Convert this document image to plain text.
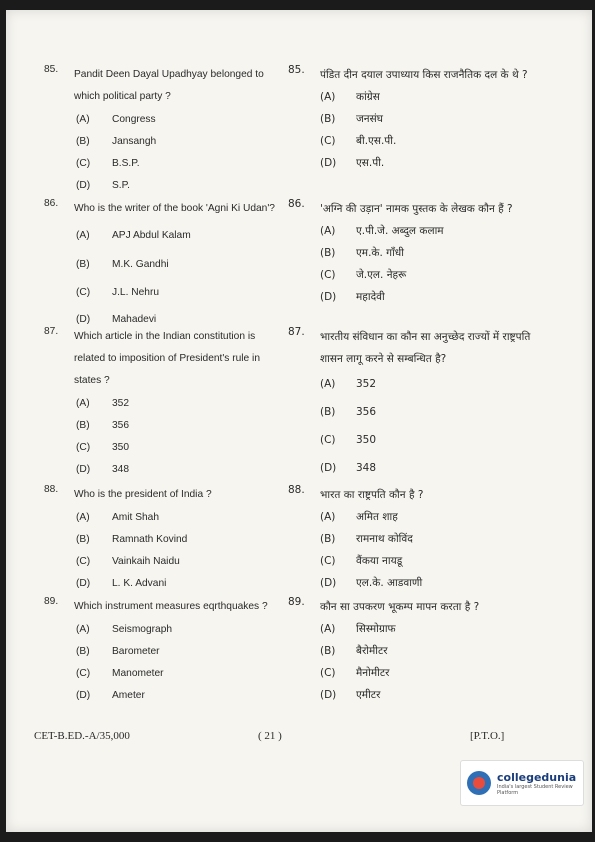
85.	Pandit Deen Dayal Upadhyay belonged to which political party ?
(A)	Congress
(B)	Jansangh
(C)	B.S.P.
(D)	S.P.
86.	Who is the writer of the book 'Agni Ki Udan'?
(A)	APJ Abdul Kalam
(B)	M.K. Gandhi
(C)	J.L. Nehru
(D)	Mahadevi
87.	Which article in the Indian constitution is related to imposition of President's rule in states ?
(A)	352
(B)	356
(C)	350
(D)	348
88.	Who is the president of India ?
(A)	Amit Shah
(B)	Ramnath Kovind
(C)	Vainkaih Naidu
(D)	L. K. Advani
89.	Which instrument measures eqrthquakes ?
(A)	Seismograph
(B)	Barometer
(C)	Manometer
(D)	Ameter
85.	पंडित दीन दयाल उपाध्याय किस राजनैतिक दल के थे ?
(A)	कांग्रेस
(B)	जनसंघ
(C)	बी.एस.पी.
(D)	एस.पी.
86.	'अग्नि की उड़ान' नामक पुस्तक के लेखक कौन हैं ?
(A)	ए.पी.जे. अब्दुल कलाम
(B)	एम.के. गाँधी
(C)	जे.एल. नेहरू
(D)	महादेवी
87.	भारतीय संविधान का कौन सा अनुच्छेद राज्यों में राष्ट्रपति शासन लागू करने से सम्बन्धित है?
(A)	352
(B)	356
(C)	350
(D)	348
88.	भारत का राष्ट्रपति कौन है ?
(A)	अमित शाह
(B)	रामनाथ कोविंद
(C)	वैंकया नायडू
(D)	एल.के. आडवाणी
89.	कौन सा उपकरण भूकम्प मापन करता है ?
(A)	सिस्मोग्राफ
(B)	बैरोमीटर
(C)	मैनोमीटर
(D)	एमीटर
CET-B.ED.-A/35,000	( 21 )	[P.T.O.]
collegedunia
India's largest Student Review Platform
